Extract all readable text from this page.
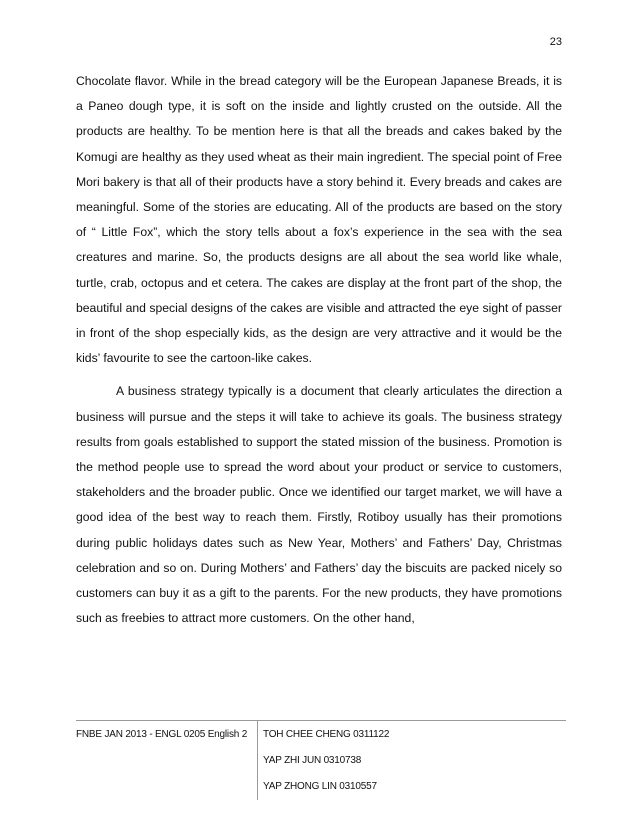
23

Chocolate flavor. While in the bread category will be the European Japanese Breads, it is a Paneo dough type, it is soft on the inside and lightly crusted on the outside. All the products are healthy. To be mention here is that all the breads and cakes baked by the Komugi are healthy as they used wheat as their main ingredient. The special point of Free Mori bakery is that all of their products have a story behind it. Every breads and cakes are meaningful. Some of the stories are educating. All of the products are based on the story of “ Little Fox”, which the story tells about a fox’s experience in the sea with the sea creatures and marine. So, the products designs are all about the sea world like whale, turtle, crab, octopus and et cetera. The cakes are display at the front part of the shop, the beautiful and special designs of the cakes are visible and attracted the eye sight of passer in front of the shop especially kids, as the design are very attractive and it would be the kids’ favourite to see the cartoon-like cakes.

A business strategy typically is a document that clearly articulates the direction a business will pursue and the steps it will take to achieve its goals. The business strategy results from goals established to support the stated mission of the business. Promotion is the method people use to spread the word about your product or service to customers, stakeholders and the broader public. Once we identified our target market, we will have a good idea of the best way to reach them. Firstly, Rotiboy usually has their promotions during public holidays dates such as New Year, Mothers’ and Fathers’ Day, Christmas celebration and so on. During Mothers’ and Fathers’ day the biscuits are packed nicely so customers can buy it as a gift to the parents. For the new products, they have promotions such as freebies to attract more customers. On the other hand,

FNBE JAN 2013 - ENGL 0205 English 2 TOH CHEE CHENG 0311122
YAP ZHI JUN 0310738
YAP ZHONG LIN 0310557
